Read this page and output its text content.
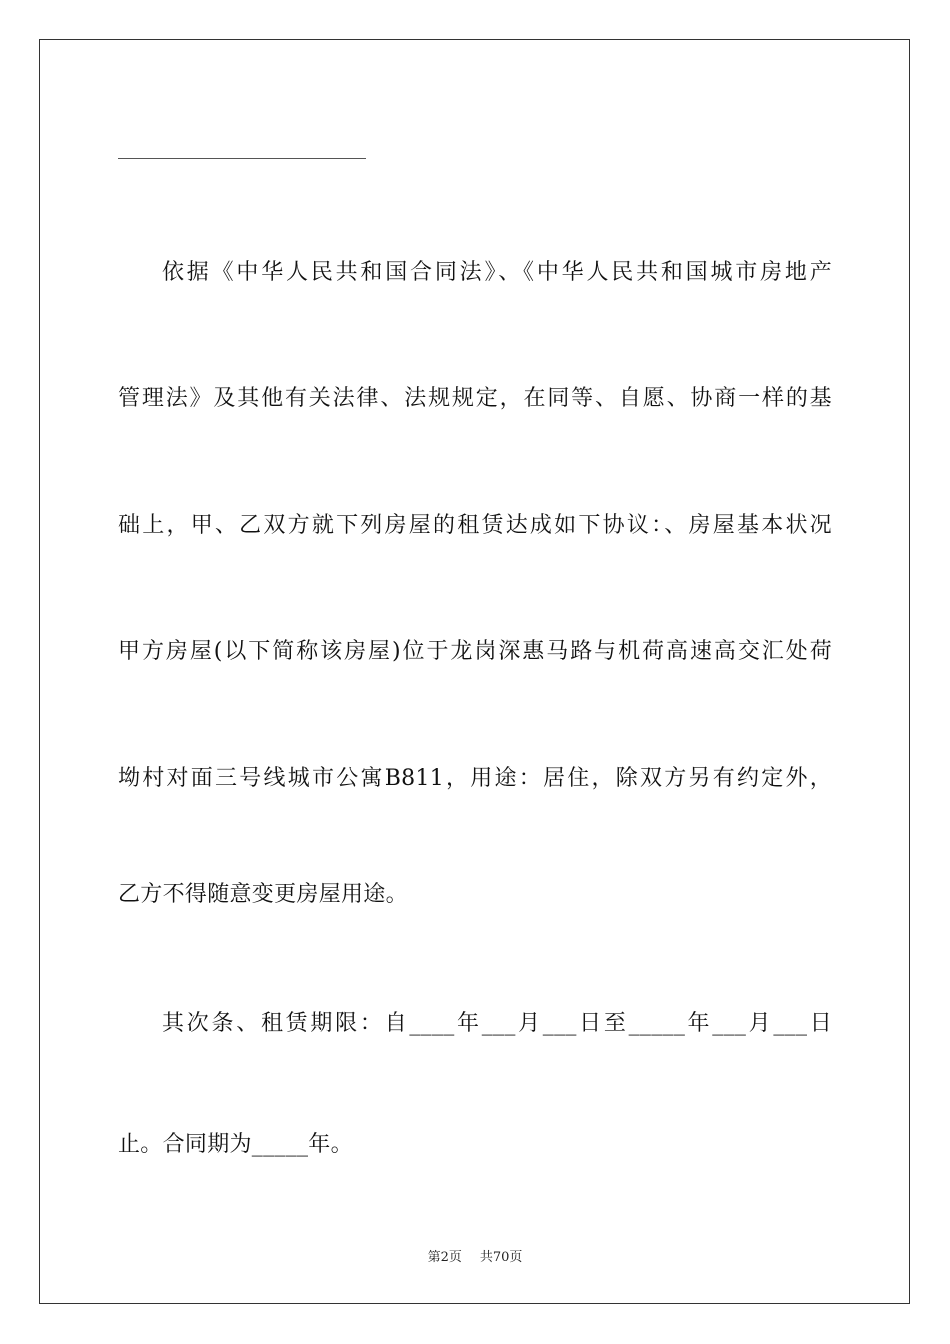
依据《中华人民共和国合同法》、《中华人民共和国城市房地产
管理法》及其他有关法律、法规规定，在同等、自愿、协商一样的基
础上，甲、乙双方就下列房屋的租赁达成如下协议：、房屋基本状况
甲方房屋(以下简称该房屋)位于龙岗深惠马路与机荷高速高交汇处荷
坳村对面三号线城市公寓B811，用途：居住，除双方另有约定外，
乙方不得随意变更房屋用途。
其次条、租赁期限：自____年___月___日至_____年___月___日
止。合同期为_____年。
第2页 共70页
